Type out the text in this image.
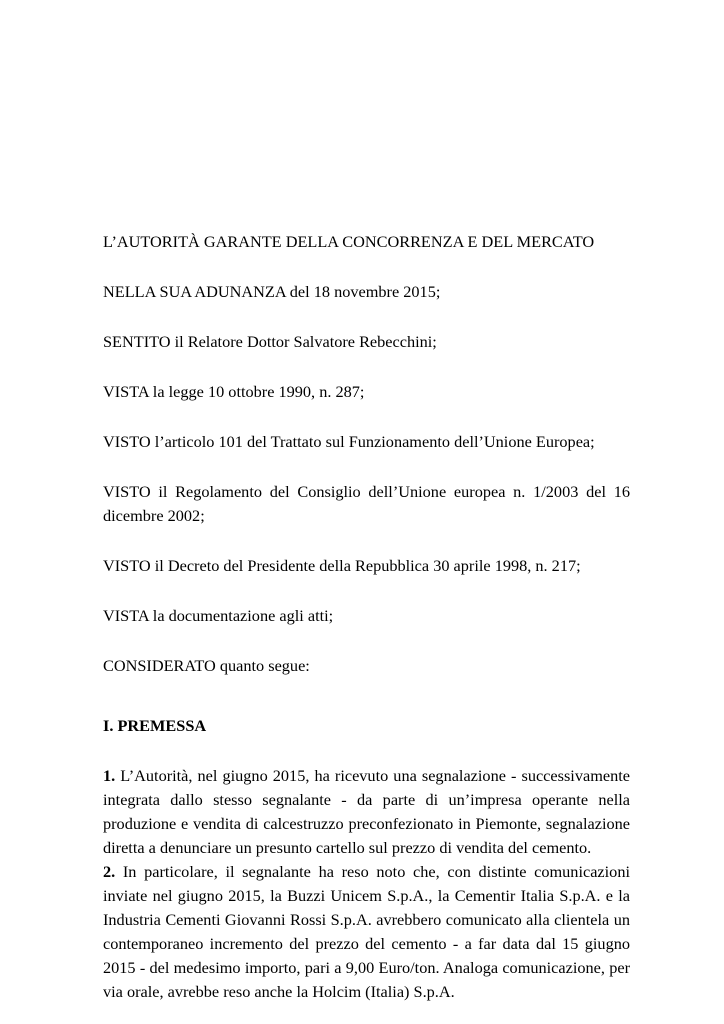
L’AUTORITÀ GARANTE DELLA CONCORRENZA E DEL MERCATO

NELLA SUA ADUNANZA del 18 novembre 2015;

SENTITO il Relatore Dottor Salvatore Rebecchini;

VISTA la legge 10 ottobre 1990, n. 287;

VISTO l’articolo 101 del Trattato sul Funzionamento dell’Unione Europea;

VISTO il Regolamento del Consiglio dell’Unione europea n. 1/2003 del 16 dicembre 2002;

VISTO il Decreto del Presidente della Repubblica 30 aprile 1998, n. 217;

VISTA la documentazione agli atti;

CONSIDERATO quanto segue:

I. PREMESSA

1. L’Autorità, nel giugno 2015, ha ricevuto una segnalazione - successivamente integrata dallo stesso segnalante - da parte di un’impresa operante nella produzione e vendita di calcestruzzo preconfezionato in Piemonte, segnalazione diretta a denunciare un presunto cartello sul prezzo di vendita del cemento.

2. In particolare, il segnalante ha reso noto che, con distinte comunicazioni inviate nel giugno 2015, la Buzzi Unicem S.p.A., la Cementir Italia S.p.A. e la Industria Cementi Giovanni Rossi S.p.A. avrebbero comunicato alla clientela un contemporaneo incremento del prezzo del cemento - a far data dal 15 giugno 2015 - del medesimo importo, pari a 9,00 Euro/ton. Analoga comunicazione, per via orale, avrebbe reso anche la Holcim (Italia) S.p.A.
